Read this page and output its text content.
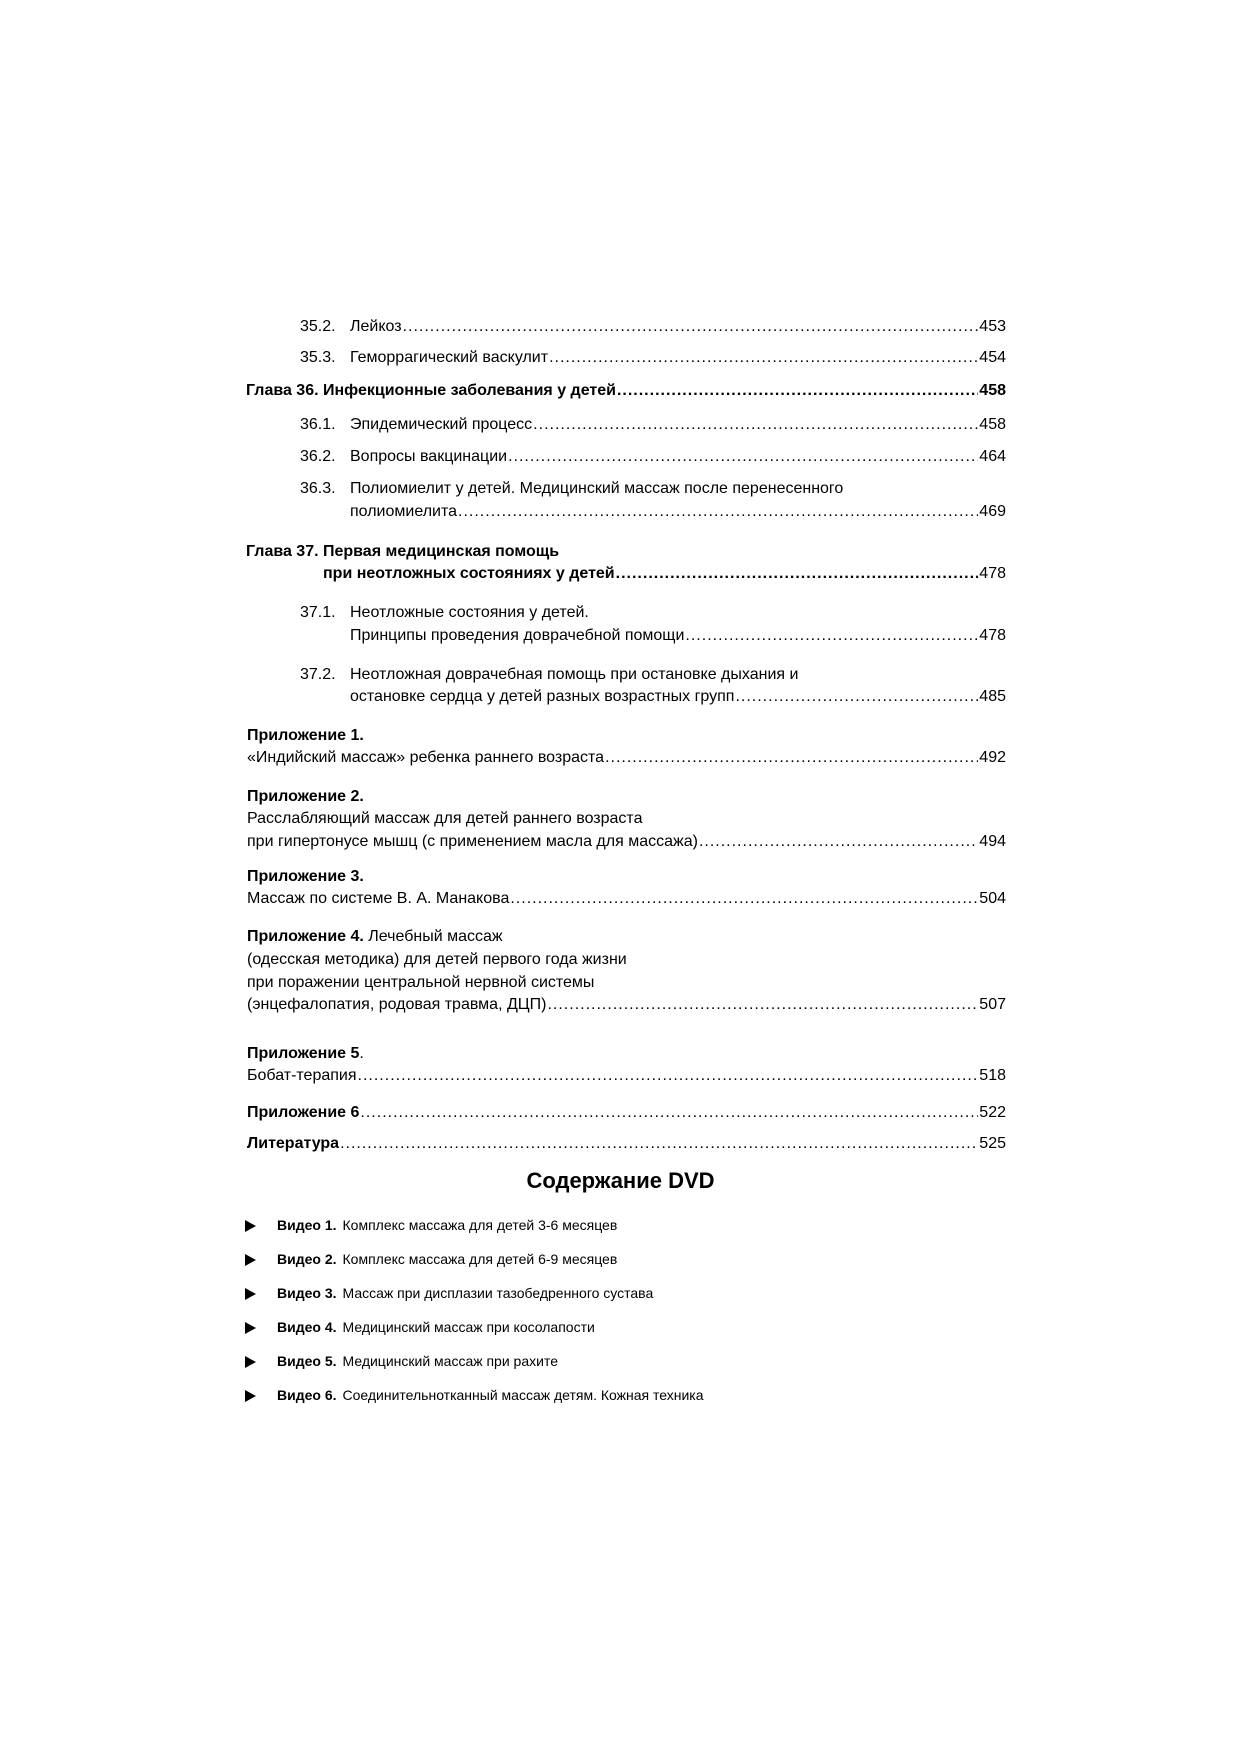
35.2. Лейкоз .....	453
35.3. Геморрагический васкулит .....	454
Глава 36. Инфекционные заболевания у детей .....	458
36.1. Эпидемический процесс .....	458
36.2. Вопросы вакцинации .....	464
36.3. Полиомиелит у детей. Медицинский массаж после перенесенного
полиомиелита .....	469
Глава 37. Первая медицинская помощь
при неотложных состояниях у детей .....	478
37.1. Неотложные состояния у детей.
Принципы проведения доврачебной помощи .....	478
37.2. Неотложная доврачебная помощь при остановке дыхания и
остановке сердца у детей разных возрастных групп .....	485
Приложение 1.
«Индийский массаж» ребенка раннего возраста .....	492
Приложение 2.
Расслабляющий массаж для детей раннего возраста
при гипертонусе мышц (с применением масла для массажа) .....	494
Приложение 3.
Массаж по системе В. А. Манакова .....	504
Приложение 4. Лечебный массаж
(одесская методика) для детей первого года жизни
при поражении центральной нервной системы
(энцефалопатия, родовая травма, ДЦП) .....	507
Приложение 5.
Бобат-терапия .....	518
Приложение 6 .....	522
Литература .....	525
Содержание DVD
Видео 1. Комплекс массажа для детей 3-6 месяцев
Видео 2. Комплекс массажа для детей 6-9 месяцев
Видео 3. Массаж при дисплазии тазобедренного сустава
Видео 4. Медицинский массаж при косолапости
Видео 5. Медицинский массаж при рахите
Видео 6. Соединительнотканный массаж детям. Кожная техника
